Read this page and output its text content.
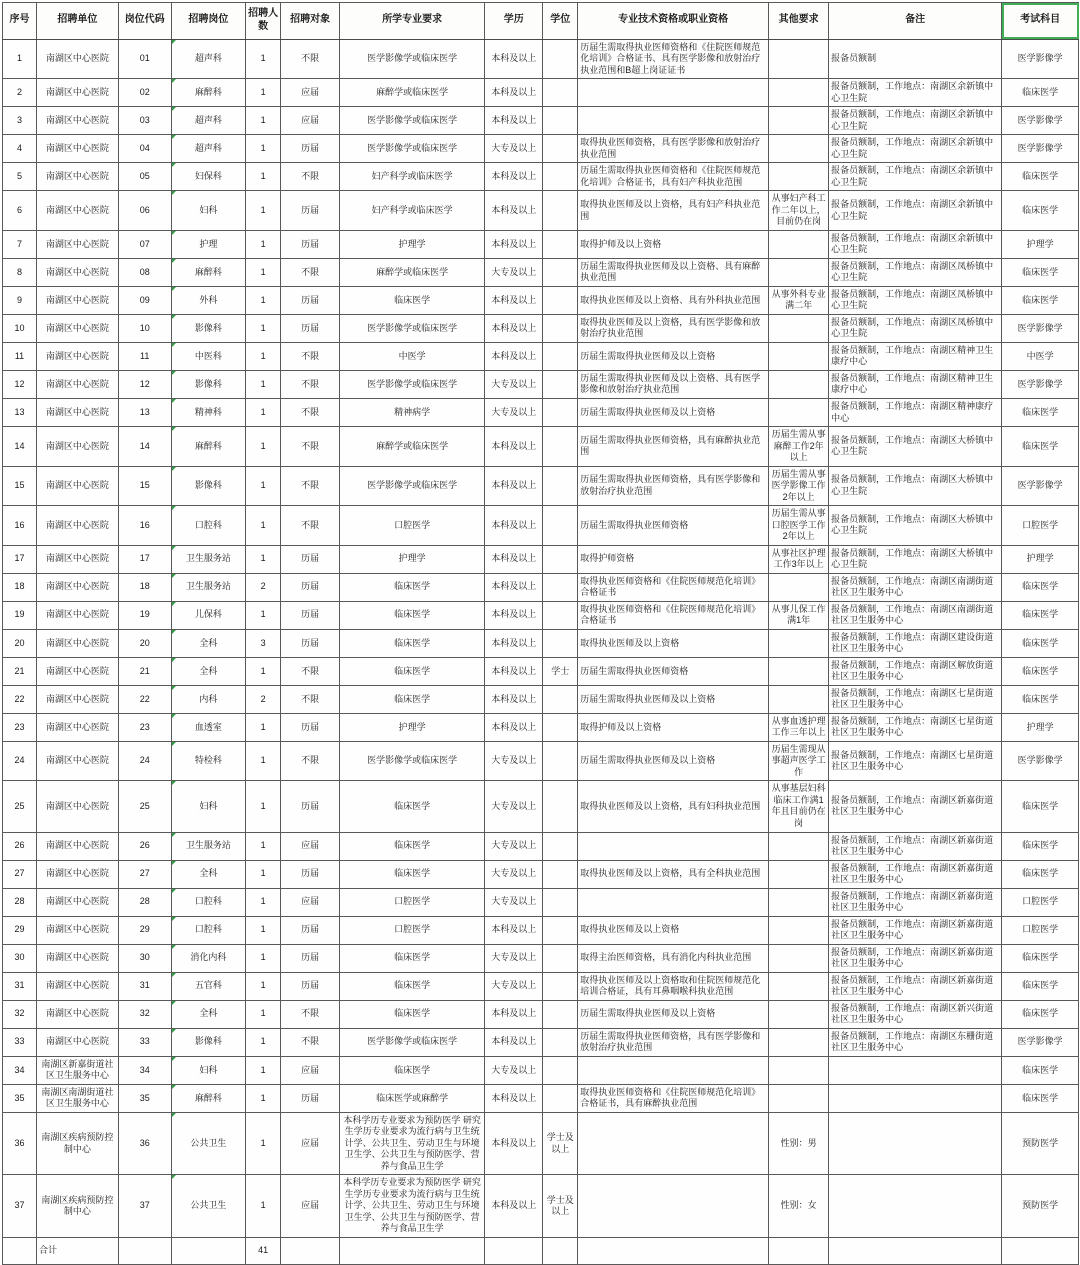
序号	招聘单位	岗位代码	招聘岗位	招聘人数	招聘对象	所学专业要求	学历	学位	专业技术资格或职业资格	其他要求	备注	考试科目
1	南湖区中心医院	01	超声科	1	不限	医学影像学或临床医学	本科及以上		历届生需取得执业医师资格和《住院医师规范化培训》合格证书、具有医学影像和放射治疗执业范围和B超上岗证证书		报备员额制	医学影像学
2	南湖区中心医院	02	麻醉科	1	应届	麻醉学或临床医学	本科及以上				报备员额制，工作地点：南湖区余新镇中心卫生院	临床医学
3	南湖区中心医院	03	超声科	1	应届	医学影像学或临床医学	本科及以上				报备员额制，工作地点：南湖区余新镇中心卫生院	医学影像学
4	南湖区中心医院	04	超声科	1	历届	医学影像学或临床医学	大专及以上		取得执业医师资格，具有医学影像和放射治疗执业范围		报备员额制，工作地点：南湖区余新镇中心卫生院	医学影像学
5	南湖区中心医院	05	妇保科	1	不限	妇产科学或临床医学	本科及以上		历届生需取得执业医师资格和《住院医师规范化培训》合格证书，具有妇产科执业范围		报备员额制，工作地点：南湖区余新镇中心卫生院	临床医学
6	南湖区中心医院	06	妇科	1	历届	妇产科学或临床医学	本科及以上		取得执业医师及以上资格，具有妇产科执业范围	从事妇产科工作二年以上，目前仍在岗	报备员额制，工作地点：南湖区余新镇中心卫生院	临床医学
7	南湖区中心医院	07	护理	1	历届	护理学	本科及以上		取得护师及以上资格		报备员额制，工作地点：南湖区余新镇中心卫生院	护理学
8	南湖区中心医院	08	麻醉科	1	不限	麻醉学或临床医学	大专及以上		历届生需取得执业医师及以上资格、具有麻醉执业范围		报备员额制，工作地点：南湖区凤桥镇中心卫生院	临床医学
9	南湖区中心医院	09	外科	1	历届	临床医学	本科及以上		取得执业医师及以上资格、具有外科执业范围	从事外科专业满二年	报备员额制，工作地点：南湖区凤桥镇中心卫生院	临床医学
10	南湖区中心医院	10	影像科	1	历届	医学影像学或临床医学	本科及以上		取得执业医师及以上资格，具有医学影像和放射治疗执业范围		报备员额制，工作地点：南湖区凤桥镇中心卫生院	医学影像学
11	南湖区中心医院	11	中医科	1	不限	中医学	本科及以上		历届生需取得执业医师及以上资格		报备员额制，工作地点：南湖区精神卫生康疗中心	中医学
12	南湖区中心医院	12	影像科	1	不限	医学影像学或临床医学	大专及以上		历届生需取得执业医师及以上资格、具有医学影像和放射治疗执业范围		报备员额制，工作地点：南湖区精神卫生康疗中心	医学影像学
13	南湖区中心医院	13	精神科	1	不限	精神病学	大专及以上		历届生需取得执业医师及以上资格		报备员额制，工作地点：南湖区精神康疗中心	临床医学
14	南湖区中心医院	14	麻醉科	1	不限	麻醉学或临床医学	本科及以上		历届生需取得执业医师资格，具有麻醉执业范围	历届生需从事麻醉工作2年以上	报备员额制，工作地点：南湖区大桥镇中心卫生院	临床医学
15	南湖区中心医院	15	影像科	1	不限	医学影像学或临床医学	本科及以上		历届生需取得执业医师资格，具有医学影像和放射治疗执业范围	历届生需从事医学影像工作2年以上	报备员额制，工作地点：南湖区大桥镇中心卫生院	医学影像学
16	南湖区中心医院	16	口腔科	1	不限	口腔医学	本科及以上		历届生需取得执业医师资格	历届生需从事口腔医学工作2年以上	报备员额制，工作地点：南湖区大桥镇中心卫生院	口腔医学
17	南湖区中心医院	17	卫生服务站	1	历届	护理学	本科及以上		取得护师资格	从事社区护理工作3年以上	报备员额制，工作地点：南湖区大桥镇中心卫生院	护理学
18	南湖区中心医院	18	卫生服务站	2	历届	临床医学	本科及以上		取得执业医师资格和《住院医师规范化培训》合格证书		报备员额制，工作地点：南湖区南湖街道社区卫生服务中心	临床医学
19	南湖区中心医院	19	儿保科	1	历届	临床医学	本科及以上		取得执业医师资格和《住院医师规范化培训》合格证书	从事儿保工作满1年	报备员额制，工作地点：南湖区南湖街道社区卫生服务中心	临床医学
20	南湖区中心医院	20	全科	3	历届	临床医学	本科及以上		取得执业医师及以上资格		报备员额制，工作地点：南湖区建设街道社区卫生服务中心	临床医学
21	南湖区中心医院	21	全科	1	不限	临床医学	本科及以上	学士	历届生需取得执业医师资格		报备员额制，工作地点：南湖区解放街道社区卫生服务中心	临床医学
22	南湖区中心医院	22	内科	2	不限	临床医学	本科及以上		历届生需取得执业医师及以上资格		报备员额制，工作地点：南湖区七星街道社区卫生服务中心	临床医学
23	南湖区中心医院	23	血透室	1	历届	护理学	本科及以上		取得护师及以上资格	从事血透护理工作三年以上	报备员额制，工作地点：南湖区七星街道社区卫生服务中心	护理学
24	南湖区中心医院	24	特检科	1	不限	医学影像学或临床医学	大专及以上		历届生需取得执业医师及以上资格	历届生需现从事超声医学工作	报备员额制，工作地点：南湖区七星街道社区卫生服务中心	医学影像学
25	南湖区中心医院	25	妇科	1	历届	临床医学	大专及以上		取得执业医师及以上资格，具有妇科执业范围	从事基层妇科临床工作满1年且目前仍在岗	报备员额制，工作地点：南湖区新嘉街道社区卫生服务中心	临床医学
26	南湖区中心医院	26	卫生服务站	1	应届	临床医学	大专及以上				报备员额制，工作地点：南湖区新嘉街道社区卫生服务中心	临床医学
27	南湖区中心医院	27	全科	1	历届	临床医学	大专及以上		取得执业医师及以上资格，具有全科执业范围		报备员额制，工作地点：南湖区新嘉街道社区卫生服务中心	临床医学
28	南湖区中心医院	28	口腔科	1	应届	口腔医学	大专及以上				报备员额制，工作地点：南湖区新嘉街道社区卫生服务中心	口腔医学
29	南湖区中心医院	29	口腔科	1	历届	口腔医学	本科及以上		取得执业医师及以上资格		报备员额制，工作地点：南湖区新嘉街道社区卫生服务中心	口腔医学
30	南湖区中心医院	30	消化内科	1	历届	临床医学	大专及以上		取得主治医师资格，具有消化内科执业范围		报备员额制，工作地点：南湖区新嘉街道社区卫生服务中心	临床医学
31	南湖区中心医院	31	五官科	1	历届	临床医学	大专及以上		取得执业医师及以上资格取和住院医师规范化培训合格证，具有耳鼻咽喉科执业范围		报备员额制，工作地点：南湖区新嘉街道社区卫生服务中心	临床医学
32	南湖区中心医院	32	全科	1	不限	临床医学	本科及以上		历届生需取得执业医师及以上资格		报备员额制，工作地点：南湖区新兴街道社区卫生服务中心	临床医学
33	南湖区中心医院	33	影像科	1	不限	医学影像学或临床医学	本科及以上		历届生需取得执业医师资格，具有医学影像和放射治疗执业范围		报备员额制，工作地点：南湖区东栅街道社区卫生服务中心	医学影像学
34	南湖区新嘉街道社区卫生服务中心	34	妇科	1	应届	临床医学	大专及以上					临床医学
35	南湖区南湖街道社区卫生服务中心	35	麻醉科	1	历届	临床医学或麻醉学	本科及以上		取得执业医师资格和《住院医师规范化培训》合格证书，具有麻醉执业范围			临床医学
36	南湖区疾病预防控制中心	36	公共卫生	1	应届	本科学历专业要求为预防医学 研究生学历专业要求为流行病与卫生统计学、公共卫生、劳动卫生与环境卫生学、公共卫生与预防医学、营养与食品卫生学	本科及以上	学士及以上		性别：男		预防医学
37	南湖区疾病预防控制中心	37	公共卫生	1	应届	本科学历专业要求为预防医学 研究生学历专业要求为流行病与卫生统计学、公共卫生、劳动卫生与环境卫生学、公共卫生与预防医学、营养与食品卫生学	本科及以上	学士及以上		性别：女		预防医学
	合计			41								
